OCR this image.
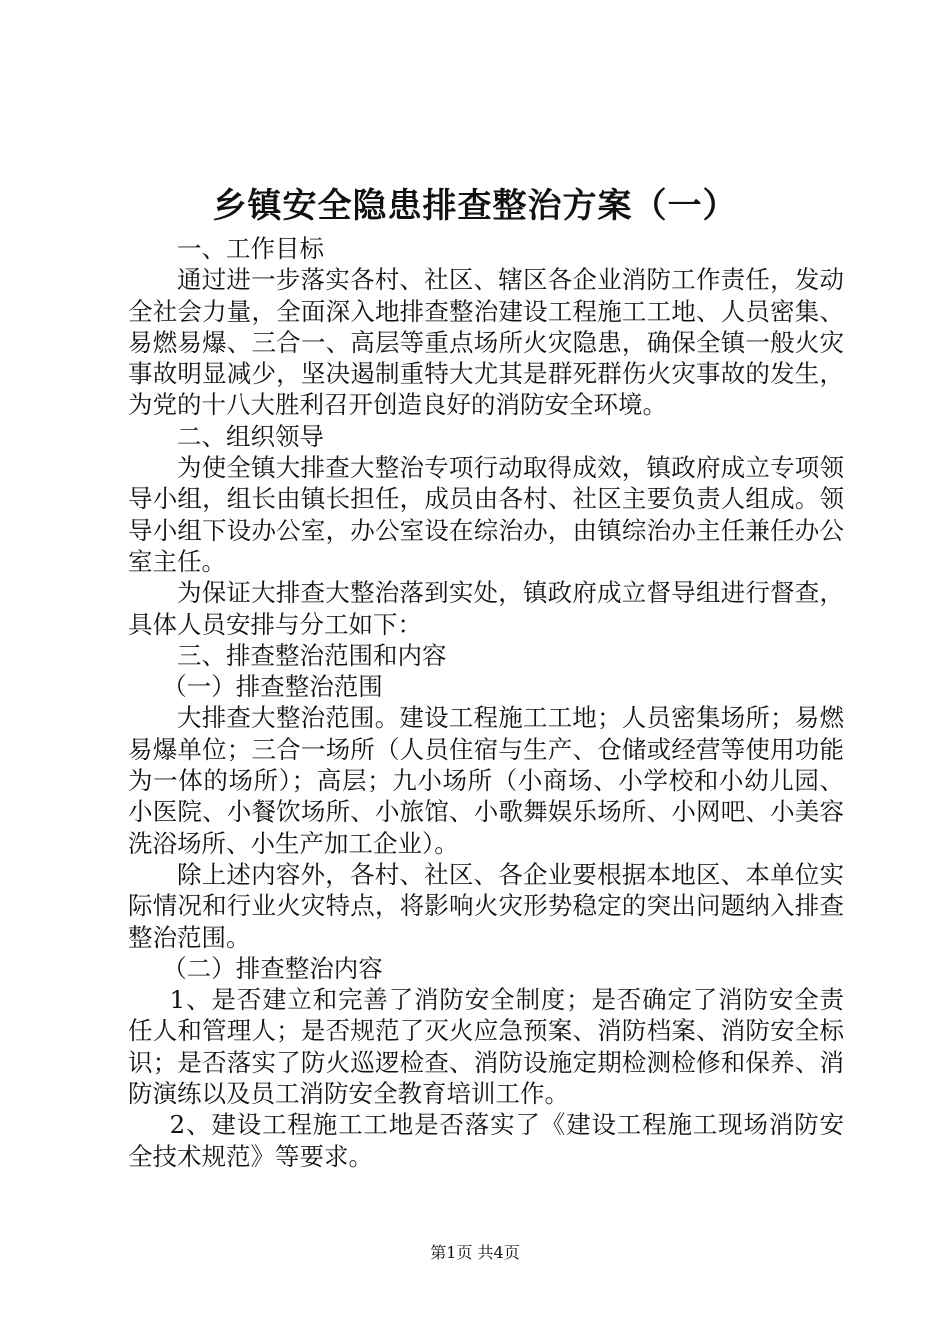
乡镇安全隐患排查整治方案（一）

一、工作目标

通过进一步落实各村、社区、辖区各企业消防工作责任，发动全社会力量，全面深入地排查整治建设工程施工工地、人员密集、易燃易爆、三合一、高层等重点场所火灾隐患，确保全镇一般火灾事故明显减少，坚决遏制重特大尤其是群死群伤火灾事故的发生，为党的十八大胜利召开创造良好的消防安全环境。

二、组织领导

为使全镇大排查大整治专项行动取得成效，镇政府成立专项领导小组，组长由镇长担任，成员由各村、社区主要负责人组成。领导小组下设办公室，办公室设在综治办，由镇综治办主任兼任办公室主任。

为保证大排查大整治落到实处，镇政府成立督导组进行督查，具体人员安排与分工如下：

三、排查整治范围和内容

（一）排查整治范围

大排查大整治范围。建设工程施工工地；人员密集场所；易燃易爆单位；三合一场所（人员住宿与生产、仓储或经营等使用功能为一体的场所）；高层；九小场所（小商场、小学校和小幼儿园、小医院、小餐饮场所、小旅馆、小歌舞娱乐场所、小网吧、小美容洗浴场所、小生产加工企业）。

除上述内容外，各村、社区、各企业要根据本地区、本单位实际情况和行业火灾特点，将影响火灾形势稳定的突出问题纳入排查整治范围。

（二）排查整治内容

1、是否建立和完善了消防安全制度；是否确定了消防安全责任人和管理人；是否规范了灭火应急预案、消防档案、消防安全标识；是否落实了防火巡逻检查、消防设施定期检测检修和保养、消防演练以及员工消防安全教育培训工作。

2、建设工程施工工地是否落实了《建设工程施工现场消防安全技术规范》等要求。

第1页 共4页
